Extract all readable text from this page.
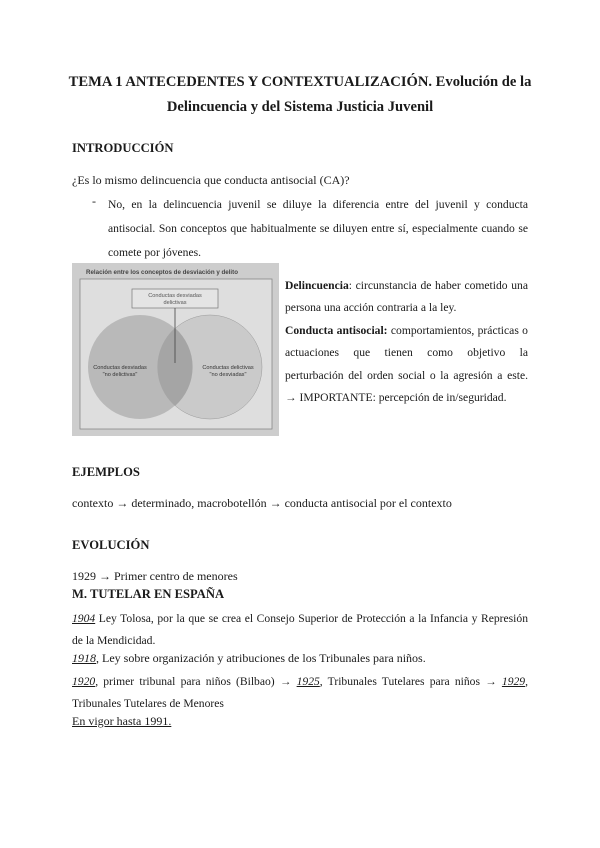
TEMA 1 ANTECEDENTES Y CONTEXTUALIZACIÓN. Evolución de la
Delincuencia y del Sistema Justicia Juvenil
INTRODUCCIÓN
¿Es lo mismo delincuencia que conducta antisocial (CA)?
- No, en la delincuencia juvenil se diluye la diferencia entre del juvenil y conducta antisocial. Son conceptos que habitualmente se diluyen entre sí, especialmente cuando se comete por jóvenes.
Relación entre los conceptos de desviación y delito
Conductas desviadas
delictivas
Conductas desviadas
"no delictivas"
Conductas delictivas
"no desviadas"

Delincuencia: circunstancia de haber cometido una persona una acción contraria a la ley.

Conducta antisocial: comportamientos, prácticas o actuaciones que tienen como objetivo la perturbación del orden social o la agresión a este. → IMPORTANTE: percepción de in/seguridad.

EJEMPLOS
contexto → determinado, macrobotellón → conducta antisocial por el contexto
EVOLUCIÓN
1929 → Primer centro de menores
M. TUTELAR EN ESPAÑA
1904 Ley Tolosa, por la que se crea el Consejo Superior de Protección a la Infancia y Represión de la Mendicidad.
1918, Ley sobre organización y atribuciones de los Tribunales para niños.
1920, primer tribunal para niños (Bilbao) → 1925, Tribunales Tutelares para niños → 1929, Tribunales Tutelares de Menores
En vigor hasta 1991.
